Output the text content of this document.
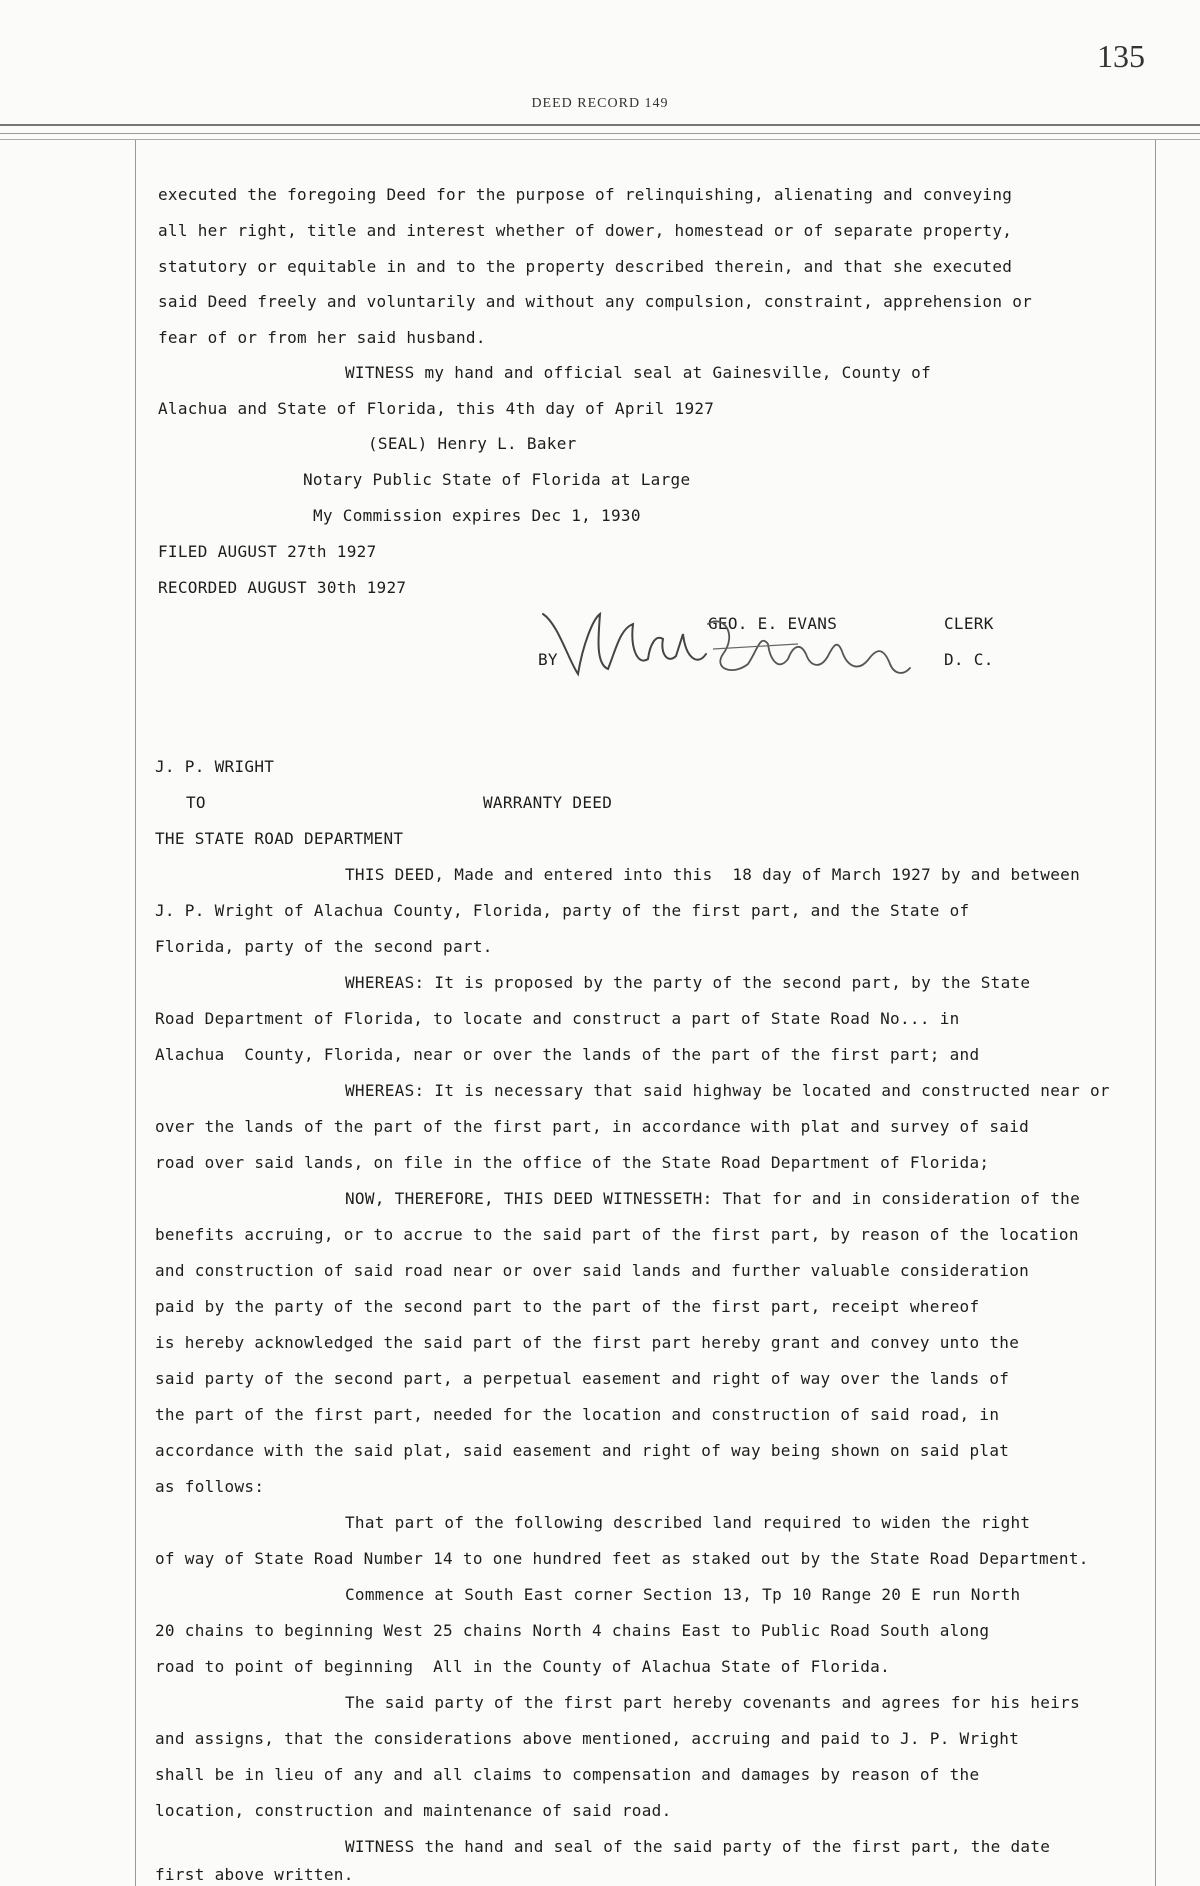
135
DEED RECORD 149
executed the foregoing Deed for the purpose of relinquishing, alienating and conveying
all her right, title and interest whether of dower, homestead or of separate property,
statutory or equitable in and to the property described therein, and that she executed
said Deed freely and voluntarily and without any compulsion, constraint, apprehension or
fear of or from her said husband.
WITNESS my hand and official seal at Gainesville, County of
Alachua and State of Florida, this 4th day of April 1927
(SEAL) Henry L. Baker
Notary Public State of Florida at Large
My Commission expires Dec 1, 1930
FILED AUGUST 27th 1927
RECORDED AUGUST 30th 1927
GEO. E. EVANS	CLERK
BY	D. C.
J. P. WRIGHT
TO	WARRANTY DEED
THE STATE ROAD DEPARTMENT
THIS DEED, Made and entered into this  18 day of March 1927 by and between
J. P. Wright of Alachua County, Florida, party of the first part, and the State of
Florida, party of the second part.
WHEREAS: It is proposed by the party of the second part, by the State
Road Department of Florida, to locate and construct a part of State Road No... in
Alachua  County, Florida, near or over the lands of the part of the first part; and
WHEREAS: It is necessary that said highway be located and constructed near or
over the lands of the part of the first part, in accordance with plat and survey of said
road over said lands, on file in the office of the State Road Department of Florida;
NOW, THEREFORE, THIS DEED WITNESSETH: That for and in consideration of the
benefits accruing, or to accrue to the said part of the first part, by reason of the location
and construction of said road near or over said lands and further valuable consideration
paid by the party of the second part to the part of the first part, receipt whereof
is hereby acknowledged the said part of the first part hereby grant and convey unto the
said party of the second part, a perpetual easement and right of way over the lands of
the part of the first part, needed for the location and construction of said road, in
accordance with the said plat, said easement and right of way being shown on said plat
as follows:
That part of the following described land required to widen the right
of way of State Road Number 14 to one hundred feet as staked out by the State Road Department.
Commence at South East corner Section 13, Tp 10 Range 20 E run North
20 chains to beginning West 25 chains North 4 chains East to Public Road South along
road to point of beginning  All in the County of Alachua State of Florida.
The said party of the first part hereby covenants and agrees for his heirs
and assigns, that the considerations above mentioned, accruing and paid to J. P. Wright
shall be in lieu of any and all claims to compensation and damages by reason of the
location, construction and maintenance of said road.
WITNESS the hand and seal of the said party of the first part, the date
first above written.
